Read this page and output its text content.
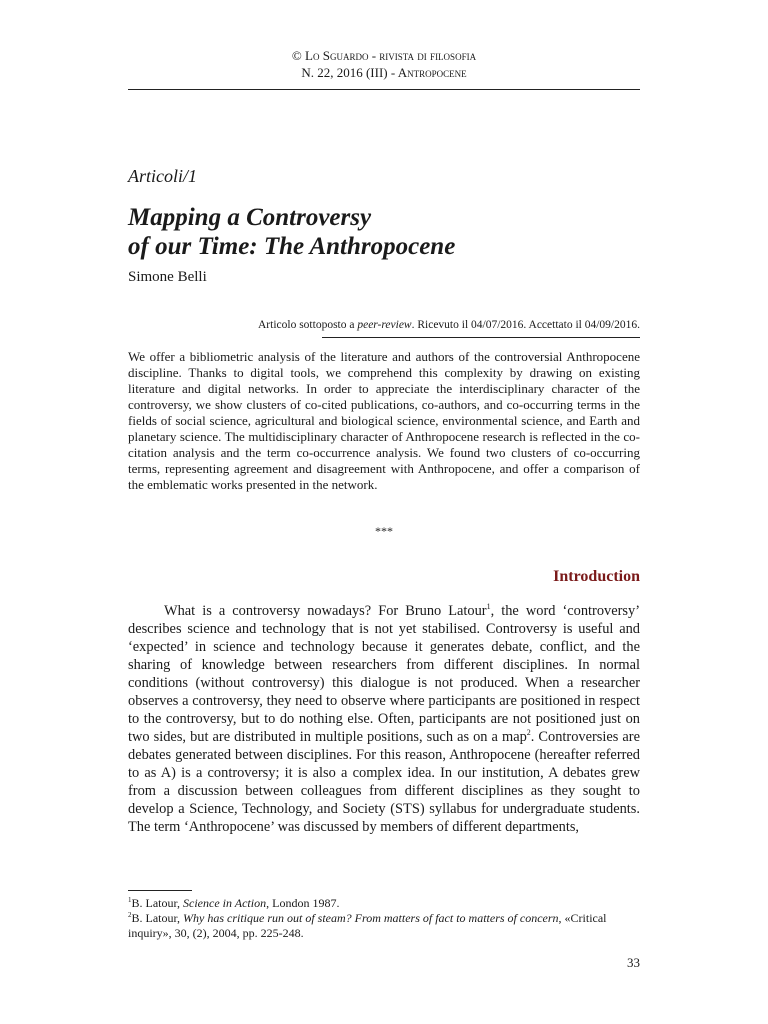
© Lo Sguardo - rivista di filosofia
N. 22, 2016 (III) - Antropocene
Articoli/1
Mapping a Controversy
of our Time: The Anthropocene
Simone Belli
Articolo sottoposto a peer-review. Ricevuto il 04/07/2016. Accettato il 04/09/2016.

We offer a bibliometric analysis of the literature and authors of the controversial Anthropocene discipline. Thanks to digital tools, we comprehend this complexity by drawing on existing literature and digital networks. In order to appreciate the interdisciplinary character of the controversy, we show clusters of co-cited publications, co-authors, and co-occurring terms in the fields of social science, agricultural and biological science, environmental science, and Earth and planetary science. The multidisciplinary character of Anthropocene research is reflected in the co-citation analysis and the term co-occurrence analysis. We found two clusters of co-occurring terms, representing agreement and disagreement with Anthropocene, and offer a comparison of the emblematic works presented in the network.

***
Introduction

What is a controversy nowadays? For Bruno Latour$^1$, the word ‘controversy’ describes science and technology that is not yet stabilised. Controversy is useful and ‘expected’ in science and technology because it generates debate, conflict, and the sharing of knowledge between researchers from different disciplines. In normal conditions (without controversy) this dialogue is not produced. When a researcher observes a controversy, they need to observe where participants are positioned in respect to the controversy, but to do nothing else. Often, participants are not positioned just on two sides, but are distributed in multiple positions, such as on a map$^2$. Controversies are debates generated between disciplines. For this reason, Anthropocene (hereafter referred to as A) is a controversy; it is also a complex idea. In our institution, A debates grew from a discussion between colleagues from different disciplines as they sought to develop a Science, Technology, and Society (STS) syllabus for undergraduate students. The term ‘Anthropocene’ was discussed by members of different departments,

$^1$B. Latour, Science in Action, London 1987.

$^2$B. Latour, Why has critique run out of steam? From matters of fact to matters of concern, «Critical inquiry», 30, (2), 2004, pp. 225-248.

33
